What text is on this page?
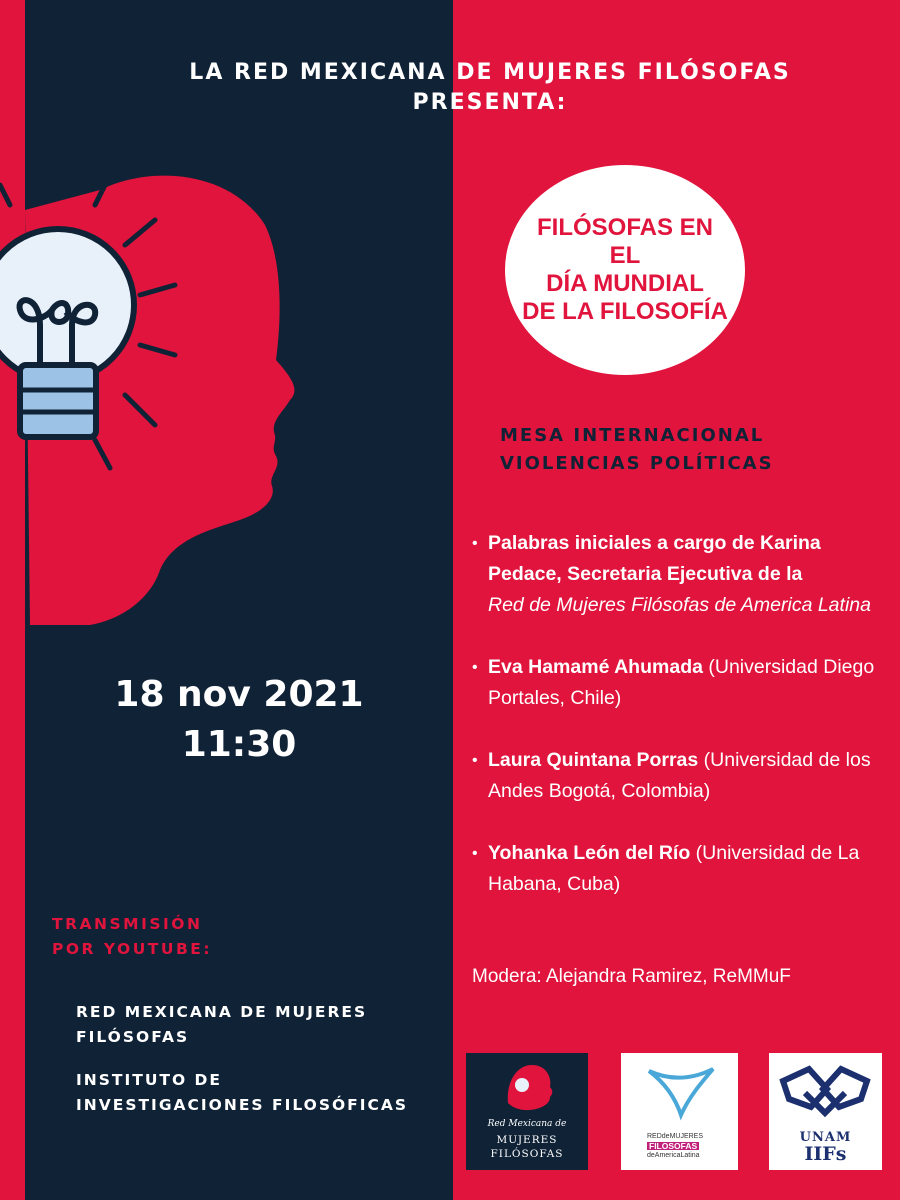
LA RED MEXICANA DE MUJERES FILÓSOFAS
PRESENTA:
FILÓSOFAS EN EL
DÍA MUNDIAL
DE LA FILOSOFÍA
MESA INTERNACIONAL
VIOLENCIAS POLÍTICAS
• Palabras iniciales a cargo de Karina Pedace, Secretaria Ejecutiva de la
Red de Mujeres Filósofas de America Latina
• Eva Hamamé Ahumada (Universidad Diego Portales, Chile)
• Laura Quintana Porras (Universidad de los Andes Bogotá, Colombia)
• Yohanka León del Río (Universidad de La Habana, Cuba)
Modera: Alejandra Ramirez, ReMMuF
18 nov 2021
11:30
TRANSMISIÓN
POR YOUTUBE:
RED MEXICANA DE MUJERES FILÓSOFAS
INSTITUTO DE INVESTIGACIONES FILOSÓFICAS
Red Mexicana de
MUJERES
FILÓSOFAS
REDdeMUJERES
FILOSOFAS
deAmericaLatina
UNAM
IIFs
